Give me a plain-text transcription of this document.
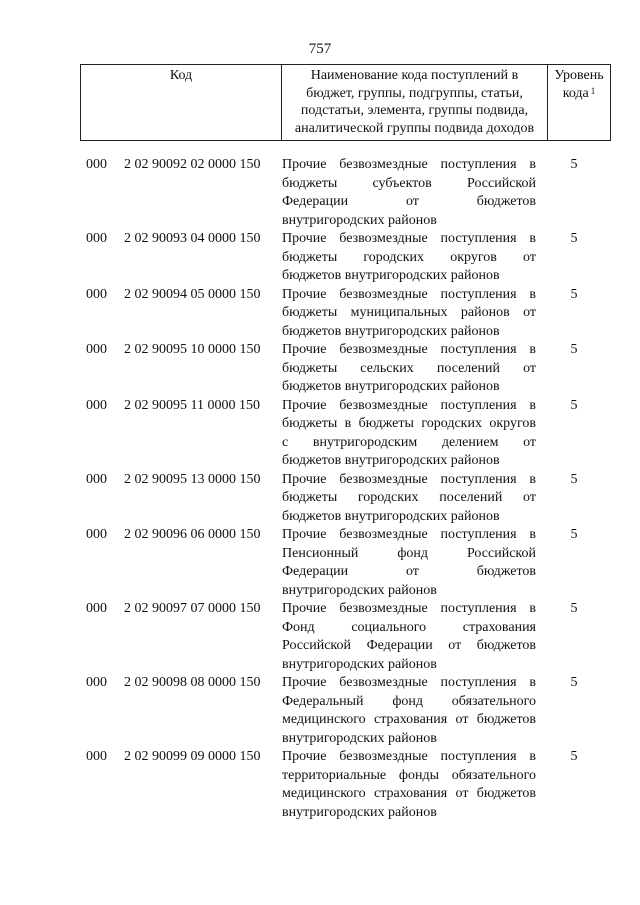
757
Код	Наименование кода поступлений в бюджет, группы, подгруппы, статьи, подстатьи, элемента, группы подвида, аналитической группы подвида доходов	Уровень кода $^1$
000	2 02 90092 02 0000 150	Прочие безвозмездные поступления в
бюджеты субъектов Российской
Федерации от бюджетов
внутригородских районов
5
000	2 02 90093 04 0000 150	Прочие безвозмездные поступления в
бюджеты городских округов от
бюджетов внутригородских районов
5
000	2 02 90094 05 0000 150	Прочие безвозмездные поступления в
бюджеты муниципальных районов от
бюджетов внутригородских районов
5
000	2 02 90095 10 0000 150	Прочие безвозмездные поступления в
бюджеты сельских поселений от
бюджетов внутригородских районов
5
000	2 02 90095 11 0000 150	Прочие безвозмездные поступления в
бюджеты в бюджеты городских округов
с внутригородским делением от
бюджетов внутригородских районов
5
000	2 02 90095 13 0000 150	Прочие безвозмездные поступления в
бюджеты городских поселений от
бюджетов внутригородских районов
5
000	2 02 90096 06 0000 150	Прочие безвозмездные поступления в
Пенсионный фонд Российской
Федерации от бюджетов
внутригородских районов
5
000	2 02 90097 07 0000 150	Прочие безвозмездные поступления в
Фонд социального страхования
Российской Федерации от бюджетов
внутригородских районов
5
000	2 02 90098 08 0000 150	Прочие безвозмездные поступления в
Федеральный фонд обязательного
медицинского страхования от бюджетов
внутригородских районов
5
000	2 02 90099 09 0000 150	Прочие безвозмездные поступления в
территориальные фонды обязательного
медицинского страхования от бюджетов
внутригородских районов
5
